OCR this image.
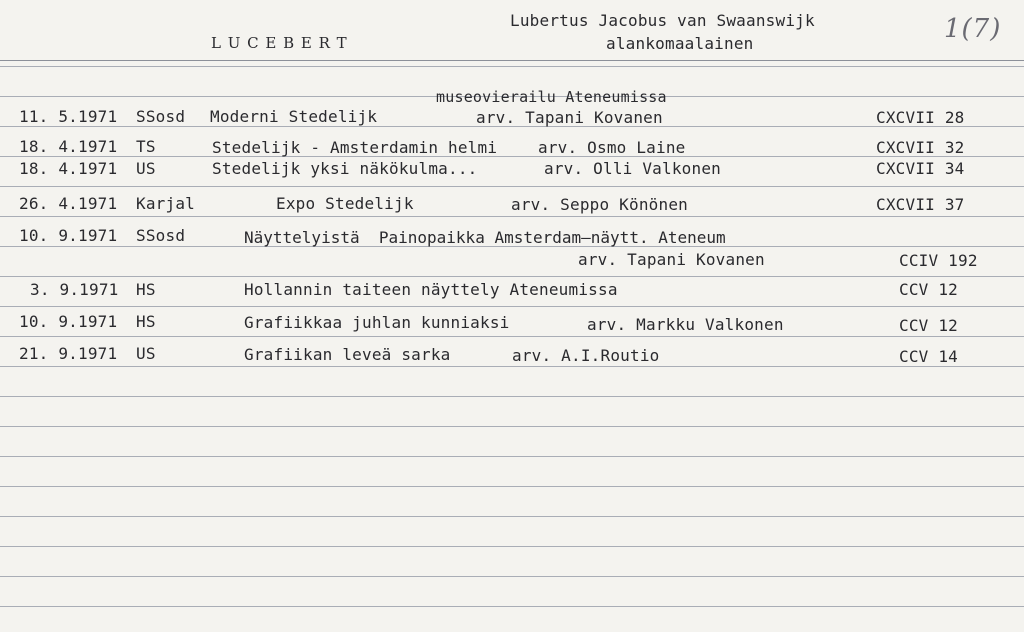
L U C E B E R T
Lubertus Jacobus van Swaanswijk
alankomaalainen	1(7)
museovierailu Ateneumissa
11. 5.1971 SSosd Moderni Stedelijk	arv. Tapani Kovanen	CXCVII 28
18. 4.1971 TS	Stedelijk - Amsterdamin helmi	arv. Osmo Laine	CXCVII 32
18. 4.1971 US	Stedelijk yksi näkökulma...	arv. Olli Valkonen	CXCVII 34
26. 4.1971 Karjal	Expo Stedelijk	arv. Seppo Könönen	CXCVII 37
10. 9.1971 SSosd	Näyttelyistä  Painopaikka Amsterdam–näytt. Ateneum
arv. Tapani Kovanen	CCIV 192
3. 9.1971 HS	Hollannin taiteen näyttely Ateneumissa	CCV 12
10. 9.1971 HS	Grafiikkaa juhlan kunniaksi	arv. Markku Valkonen	CCV 12
21. 9.1971 US	Grafiikan leveä sarka	arv. A.I.Routio	CCV 14
